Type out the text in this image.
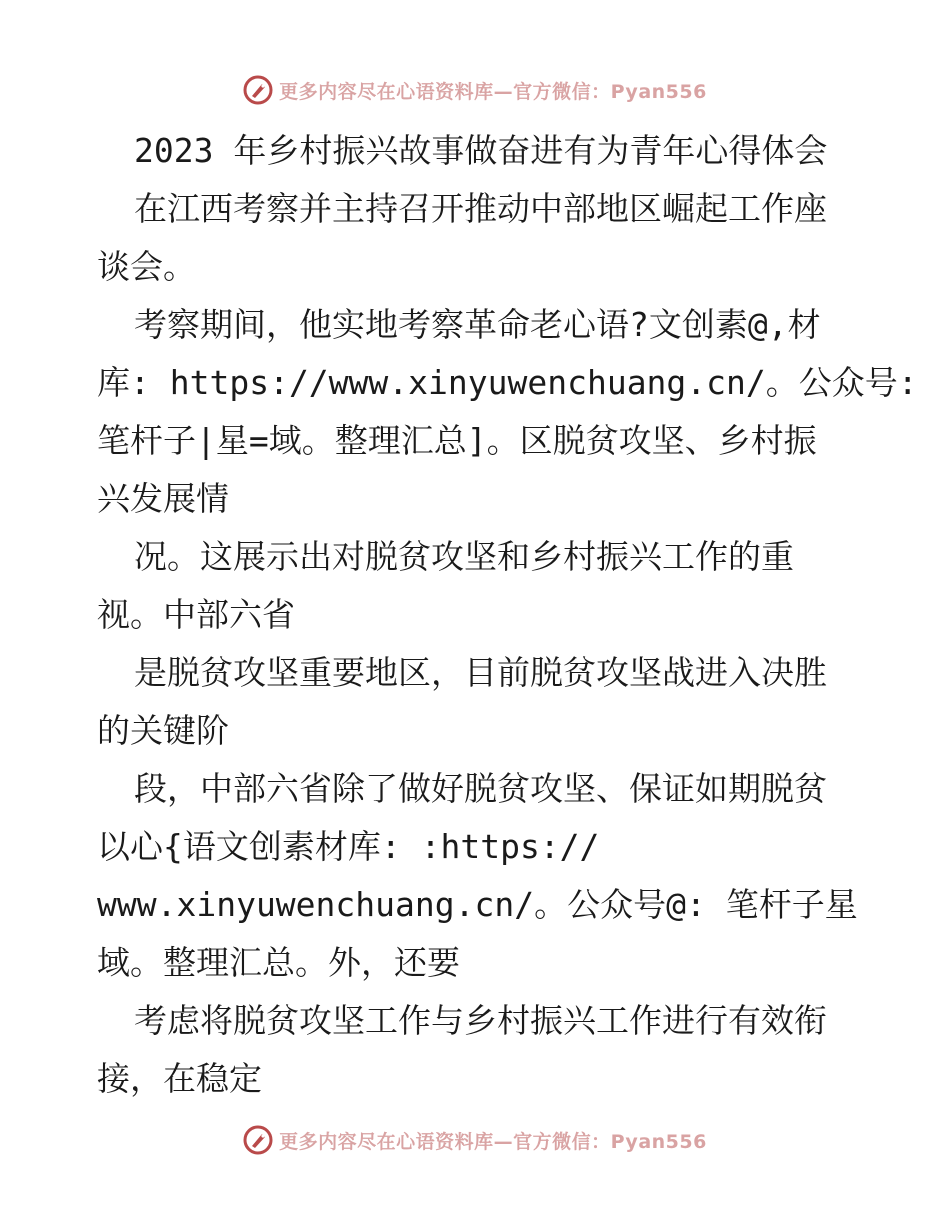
更多内容尽在心语资料库—官方微信：Pyan556

2023 年乡村振兴故事做奋进有为青年心得体会

在江西考察并主持召开推动中部地区崛起工作座

谈会。

考察期间，他实地考察革命老心语?文创素@,材

库: https://www.xinyuwenchuang.cn/。公众号:

笔杆子|星=域。整理汇总]。区脱贫攻坚、乡村振

兴发展情

况。这展示出对脱贫攻坚和乡村振兴工作的重

视。中部六省

是脱贫攻坚重要地区，目前脱贫攻坚战进入决胜

的关键阶

段，中部六省除了做好脱贫攻坚、保证如期脱贫

以心{语文创素材库: :https://

www.xinyuwenchuang.cn/。公众号@: 笔杆子星

域。整理汇总。外，还要

考虑将脱贫攻坚工作与乡村振兴工作进行有效衔

接，在稳定

更多内容尽在心语资料库—官方微信：Pyan556
